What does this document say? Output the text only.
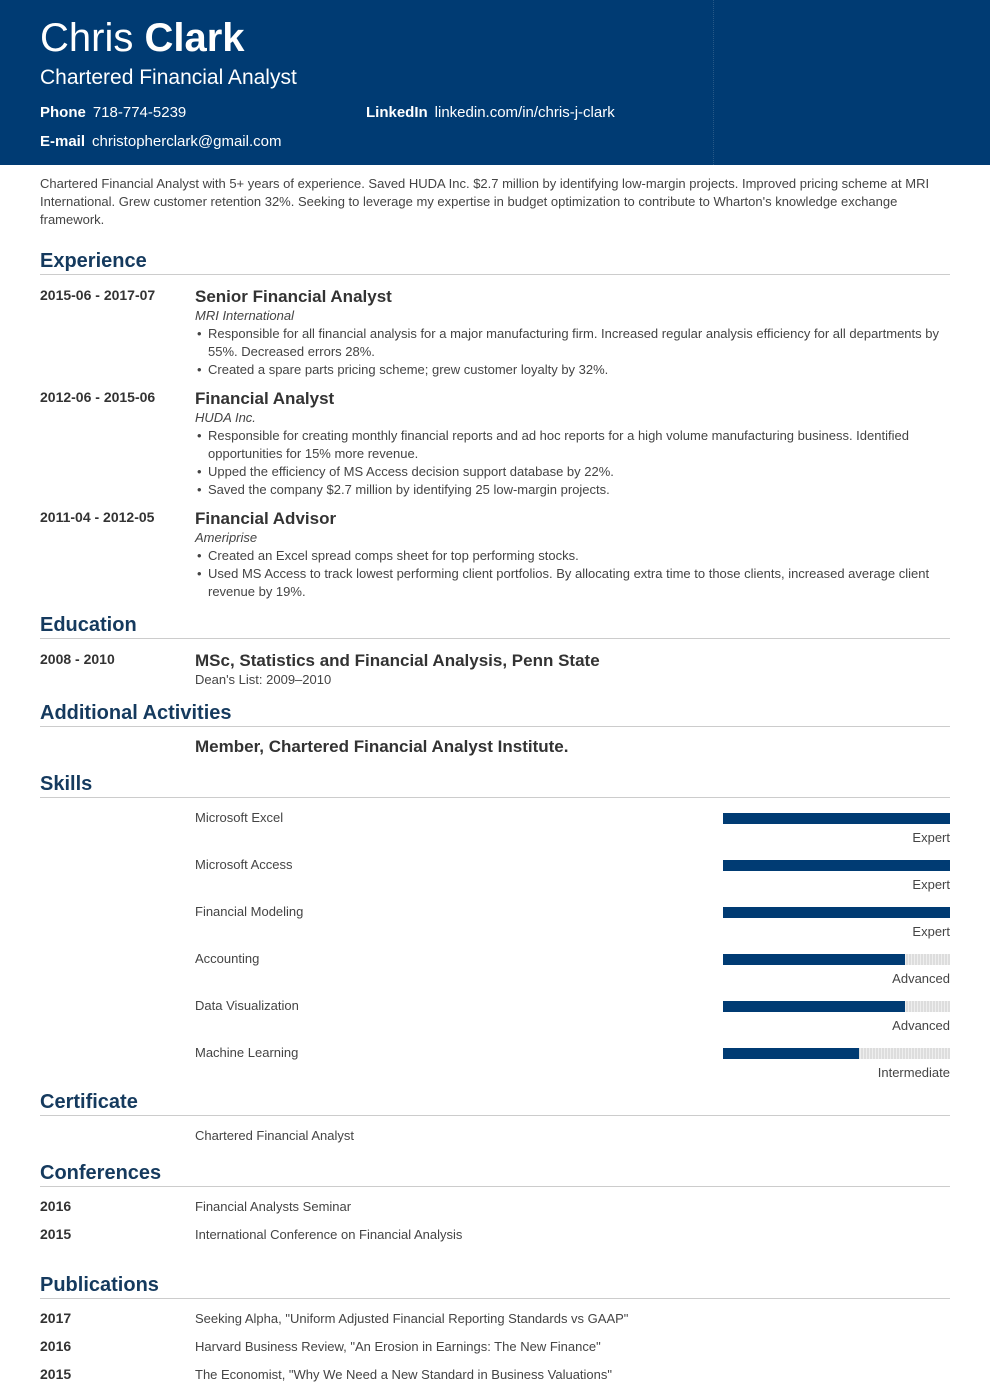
Chris Clark
Chartered Financial Analyst
Phone 718-774-5239	LinkedIn linkedin.com/in/chris-j-clark
E-mail christopherclark@gmail.com
Chartered Financial Analyst with 5+ years of experience. Saved HUDA Inc. $2.7 million by identifying low-margin projects. Improved pricing scheme at MRI International. Grew customer retention 32%. Seeking to leverage my expertise in budget optimization to contribute to Wharton's knowledge exchange framework.
Experience
2015-06 - 2017-07	Senior Financial Analyst
MRI International
• Responsible for all financial analysis for a major manufacturing firm. Increased regular analysis efficiency for all departments by 55%. Decreased errors 28%.
• Created a spare parts pricing scheme; grew customer loyalty by 32%.
2012-06 - 2015-06	Financial Analyst
HUDA Inc.
• Responsible for creating monthly financial reports and ad hoc reports for a high volume manufacturing business. Identified opportunities for 15% more revenue.
• Upped the efficiency of MS Access decision support database by 22%.
• Saved the company $2.7 million by identifying 25 low-margin projects.
2011-04 - 2012-05	Financial Advisor
Ameriprise
• Created an Excel spread comps sheet for top performing stocks.
• Used MS Access to track lowest performing client portfolios. By allocating extra time to those clients, increased average client revenue by 19%.
Education
2008 - 2010	MSc, Statistics and Financial Analysis, Penn State
Dean's List: 2009–2010
Additional Activities
Member, Chartered Financial Analyst Institute.
Skills
Microsoft Excel
Expert
Microsoft Access
Expert
Financial Modeling
Expert
Accounting
Advanced
Data Visualization
Advanced
Machine Learning
Intermediate
Certificate
Chartered Financial Analyst
Conferences
2016	Financial Analysts Seminar
2015	International Conference on Financial Analysis
Publications
2017	Seeking Alpha, "Uniform Adjusted Financial Reporting Standards vs GAAP"
2016	Harvard Business Review, "An Erosion in Earnings: The New Finance"
2015	The Economist, "Why We Need a New Standard in Business Valuations"
